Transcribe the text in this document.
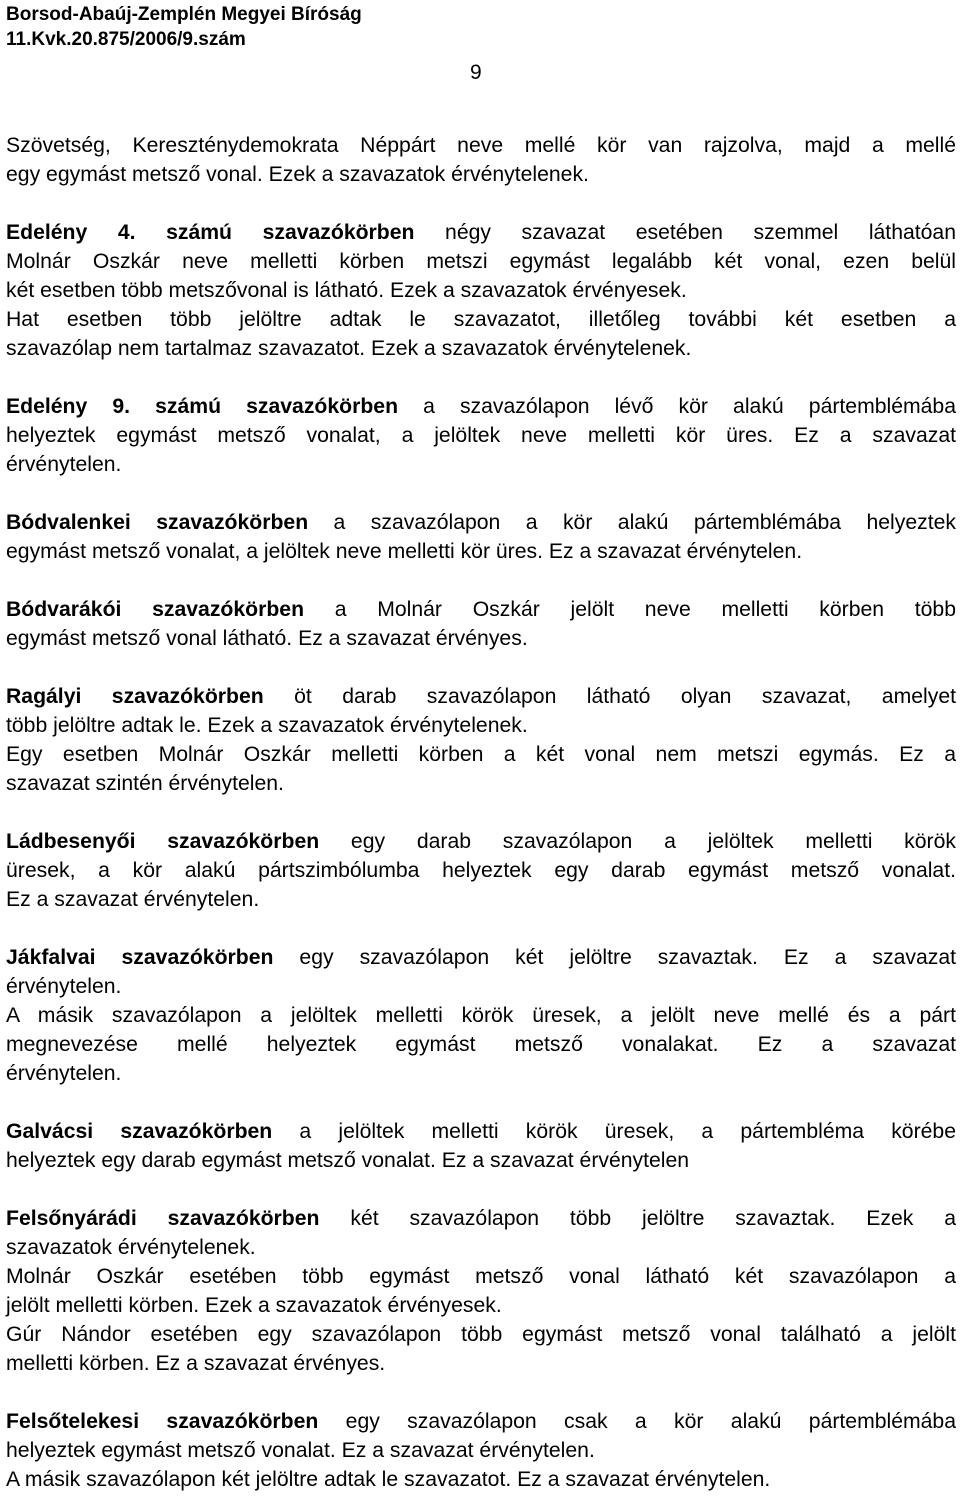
Borsod-Abaúj-Zemplén Megyei Bíróság
11.Kvk.20.875/2006/9.szám
9
Szövetség, Kereszténydemokrata Néppárt neve mellé kör van rajzolva, majd a mellé
egy egymást metsző vonal. Ezek a szavazatok érvénytelenek.
Edelény 4. számú szavazókörben négy szavazat esetében szemmel láthatóan
Molnár Oszkár neve melletti körben metszi egymást legalább két vonal, ezen belül
két esetben több metszővonal is látható. Ezek a szavazatok érvényesek.
Hat esetben több jelöltre adtak le szavazatot, illetőleg további két esetben a
szavazólap nem tartalmaz szavazatot. Ezek a szavazatok érvénytelenek.
Edelény 9. számú szavazókörben a szavazólapon lévő kör alakú pártemblémába
helyeztek egymást metsző vonalat, a jelöltek neve melletti kör üres. Ez a szavazat
érvénytelen.
Bódvalenkei szavazókörben a szavazólapon a kör alakú pártemblémába helyeztek
egymást metsző vonalat, a jelöltek neve melletti kör üres. Ez a szavazat érvénytelen.
Bódvarákói szavazókörben a Molnár Oszkár jelölt neve melletti körben több
egymást metsző vonal látható. Ez a szavazat érvényes.
Ragályi szavazókörben öt darab szavazólapon látható olyan szavazat, amelyet
több jelöltre adtak le. Ezek a szavazatok érvénytelenek.
Egy esetben Molnár Oszkár melletti körben a két vonal nem metszi egymás. Ez a
szavazat szintén érvénytelen.
Ládbesenyői szavazókörben egy darab szavazólapon a jelöltek melletti körök
üresek, a kör alakú pártszimbólumba helyeztek egy darab egymást metsző vonalat.
Ez a szavazat érvénytelen.
Jákfalvai szavazókörben egy szavazólapon két jelöltre szavaztak. Ez a szavazat
érvénytelen.
A másik szavazólapon a jelöltek melletti körök üresek, a jelölt neve mellé és a párt
megnevezése mellé helyeztek egymást metsző vonalakat. Ez a szavazat
érvénytelen.
Galvácsi szavazókörben a jelöltek melletti körök üresek, a pártembléma körébe
helyeztek egy darab egymást metsző vonalat. Ez a szavazat érvénytelen
Felsőnyárádi szavazókörben két szavazólapon több jelöltre szavaztak. Ezek a
szavazatok érvénytelenek.
Molnár Oszkár esetében több egymást metsző vonal látható két szavazólapon a
jelölt melletti körben. Ezek a szavazatok érvényesek.
Gúr Nándor esetében egy szavazólapon több egymást metsző vonal található a jelölt
melletti körben. Ez a szavazat érvényes.
Felsőtelekesi szavazókörben egy szavazólapon csak a kör alakú pártemblémába
helyeztek egymást metsző vonalat. Ez a szavazat érvénytelen.
A másik szavazólapon két jelöltre adtak le szavazatot. Ez a szavazat érvénytelen.
